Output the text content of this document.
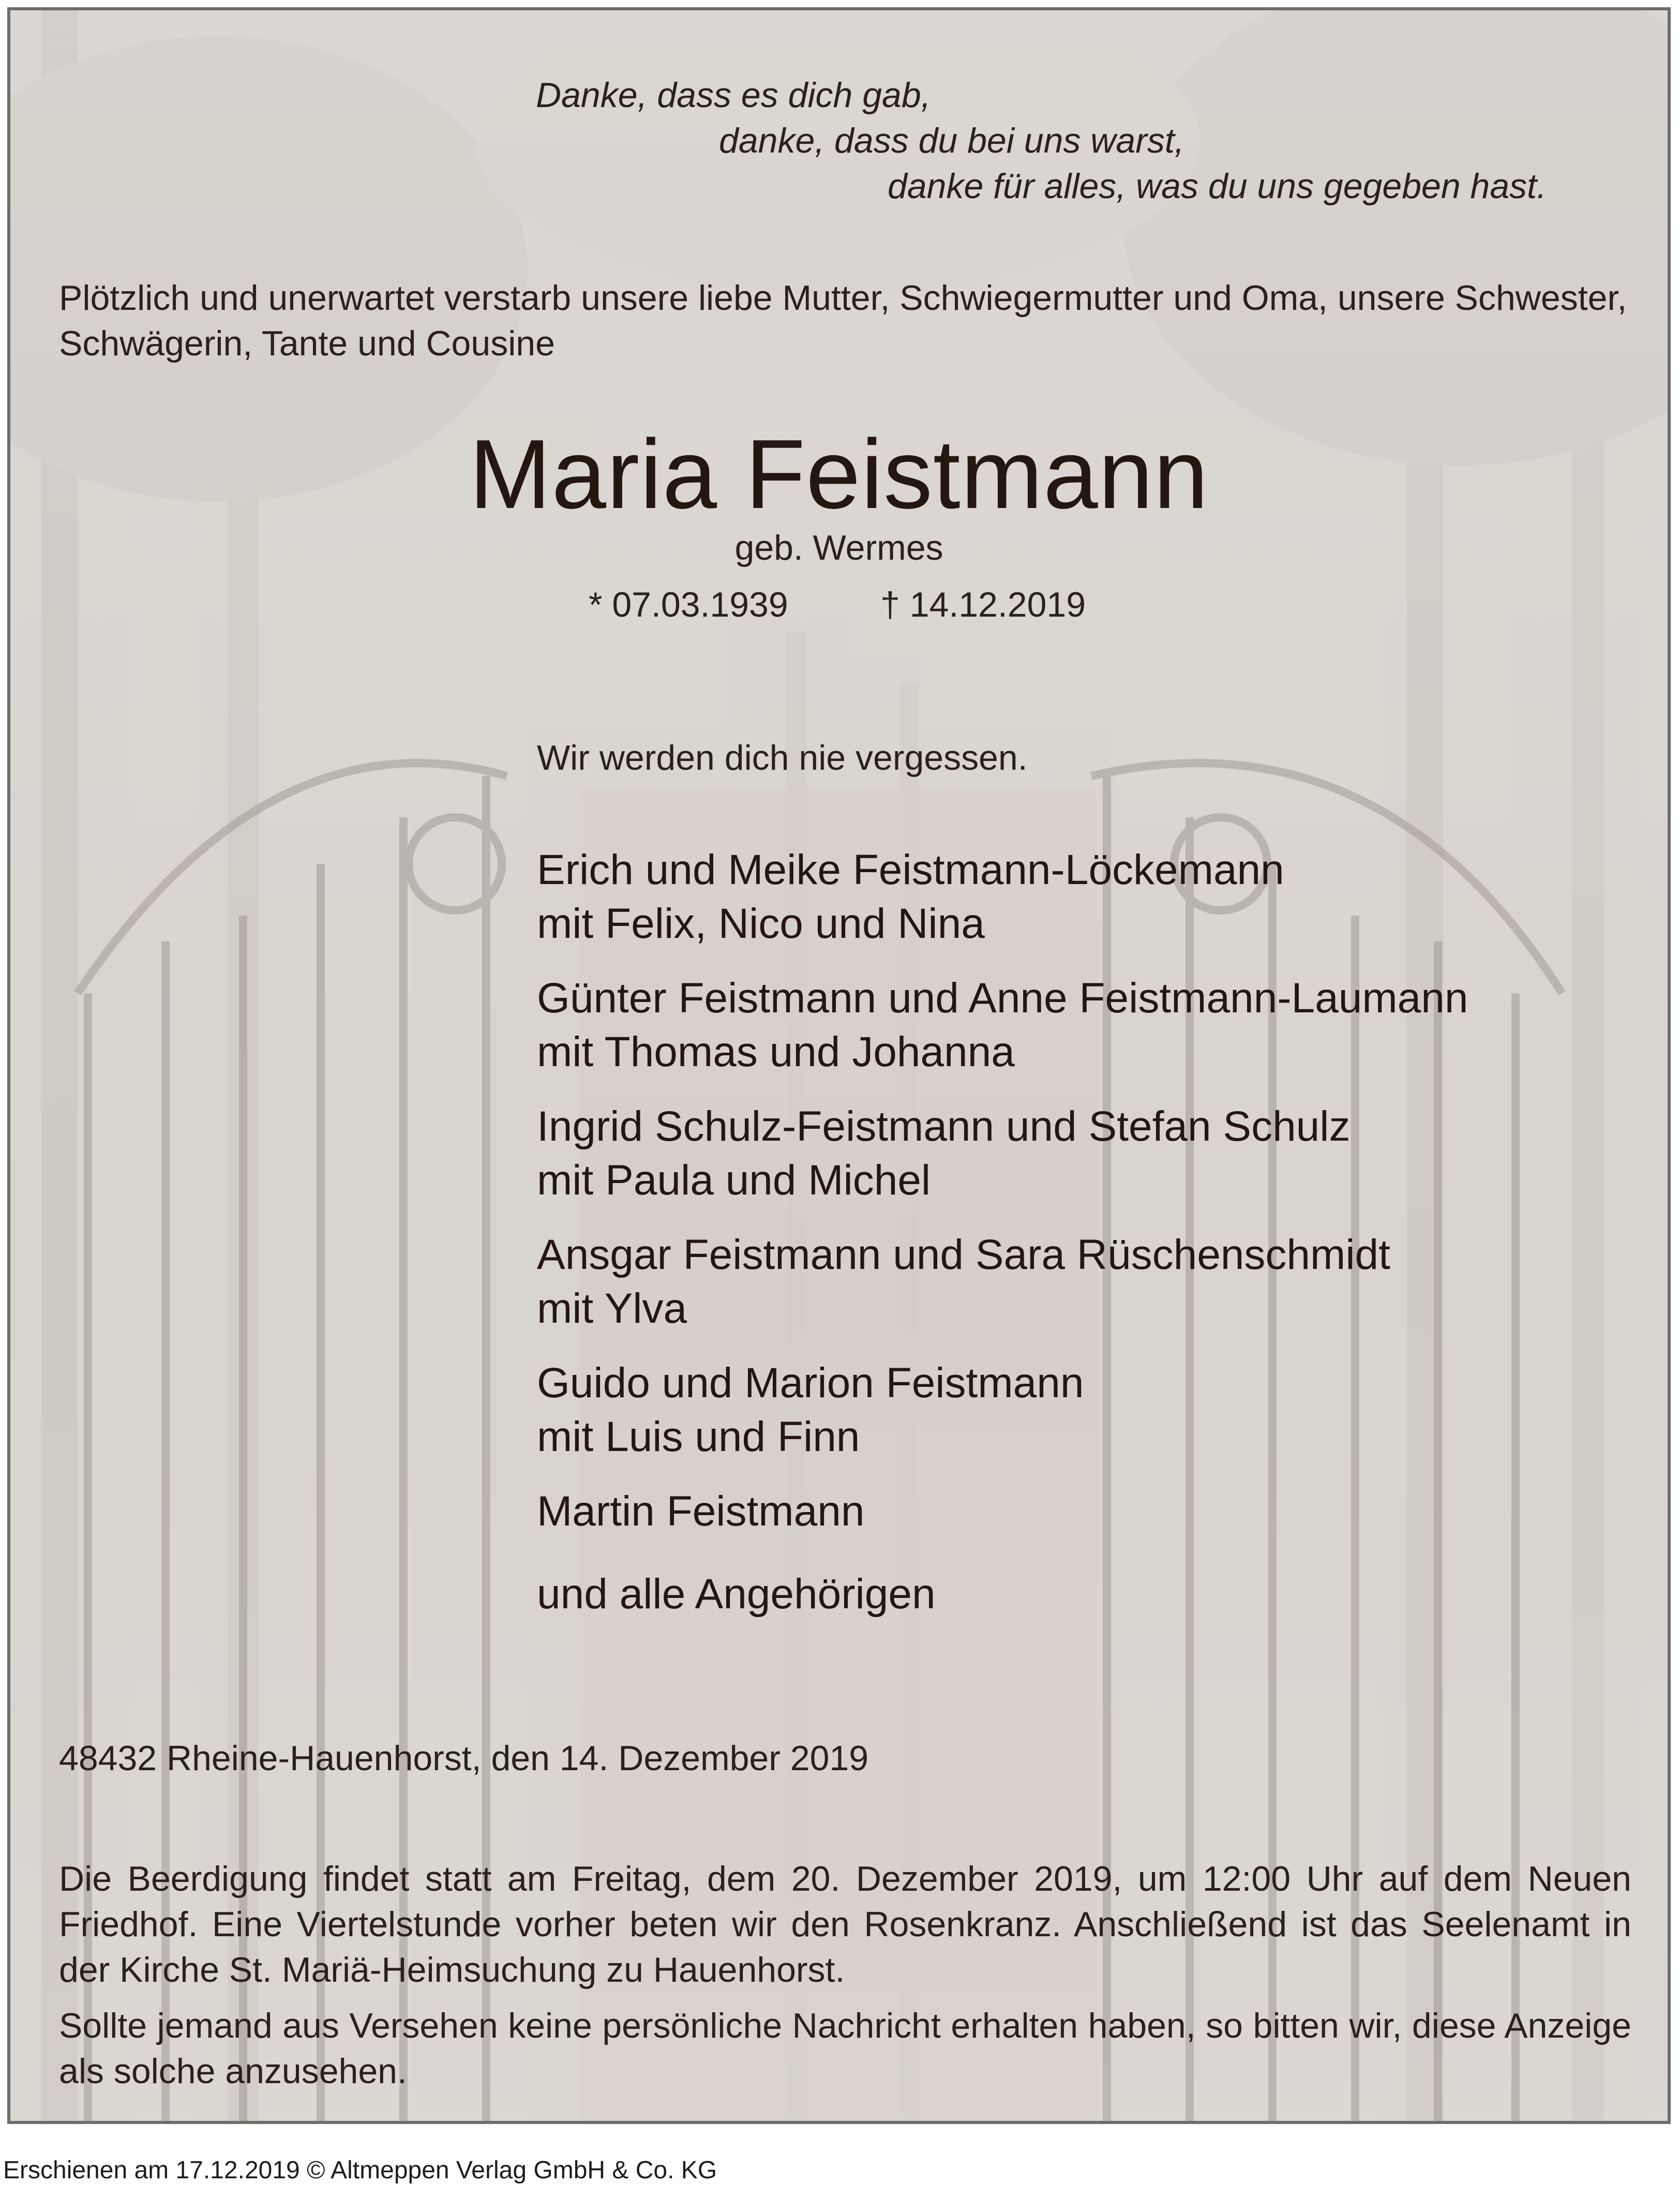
Danke, dass es dich gab,
danke, dass du bei uns warst,
danke für alles, was du uns gegeben hast.
Plötzlich und unerwartet verstarb unsere liebe Mutter, Schwiegermutter und Oma, unsere Schwester, Schwägerin, Tante und Cousine
Maria Feistmann
geb. Wermes
* 07.03.1939	† 14.12.2019
Wir werden dich nie vergessen.
Erich und Meike Feistmann-Löckemann
mit Felix, Nico und Nina
Günter Feistmann und Anne Feistmann-Laumann
mit Thomas und Johanna
Ingrid Schulz-Feistmann und Stefan Schulz
mit Paula und Michel
Ansgar Feistmann und Sara Rüschenschmidt
mit Ylva
Guido und Marion Feistmann
mit Luis und Finn
Martin Feistmann
und alle Angehörigen
48432 Rheine-Hauenhorst, den 14. Dezember 2019

Die Beerdigung findet statt am Freitag, dem 20. Dezember 2019, um 12:00 Uhr auf dem Neuen Friedhof. Eine Viertelstunde vorher beten wir den Rosenkranz. Anschließend ist das Seelenamt in der Kirche St. Mariä-Heimsuchung zu Hauenhorst.

Sollte jemand aus Versehen keine persönliche Nachricht erhalten haben, so bitten wir, diese Anzeige als solche anzusehen.

Erschienen am 17.12.2019 © Altmeppen Verlag GmbH & Co. KG
